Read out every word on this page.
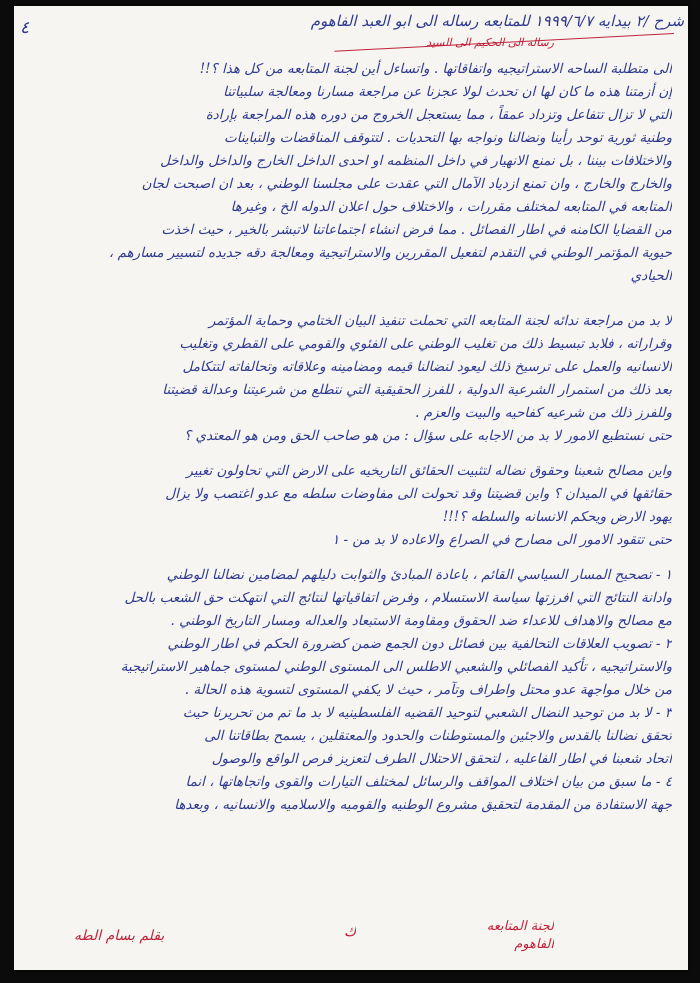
٤	شرح /٢ بيدايه ١٩٩٩/٦/٧ للمتابعه رساله الى ابو العبد الفاهوم
رساله الى الحكيم الى السيد
الى متطلبة الساحه الاستراتيجيه واتفاقاتها . واتساءل أين لجنة المتابعه من كل هذا ؟!!
إن أزمتنا هذه ما كان لها ان تحدث لولا عجزنا عن مراجعة مسارنا ومعالجة سلبياتنا
التي لا تزال تتفاعل وتزداد عمقاً ، مما يستعجل الخروج من دوره هذه المراجعة بإرادة
وطنية ثورية توحد رأينا ونضالنا ونواجه بها التحديات . لتتوقف المناقضات والتباينات
والاختلافات بيننا ، بل نمنع الانهيار في داخل المنظمه او احدى الداخل الخارج والداخل والداخل
والخارج والخارج ، وان تمنع ازدياد الآمال التي عقدت على مجلسنا الوطني ، بعد ان اصبحت لجان
المتابعه في المتابعه لمختلف مقررات ، والاختلاف حول اعلان الدوله الخ ، وغيرها
من القضايا الكامنه في اطار الفصائل . مما فرض انشاء اجتماعاتنا لاتبشر بالخير ، حيث اخذت
حيوية المؤتمر الوطني في التقدم لتفعيل المقررين والاستراتيجية ومعالجة دقه جديده لتسيير مسارهم ،
الحيادي
لا بد من مراجعة ندائه لجنة المتابعه التي تحملت تنفيذ البيان الختامي وحماية المؤتمر
وقراراته ، فلابد تبسيط ذلك من تغليب الوطني على الفئوي والقومي على القطري وتغليب
الانسانيه والعمل على ترسيخ ذلك ليعود لنضالنا قيمه ومضامينه وعلاقاته وتحالفاته لتتكامل
بعد ذلك من استمرار الشرعية الدولية ، للفرز الحقيقية التي نتطلع من شرعيتنا وعدالة قضيتنا
وللفرز ذلك من شرعيه كفاحيه والبيت والعزم .
حتى نستطيع الامور لا بد من الاجابه على سؤال : من هو صاحب الحق ومن هو المعتدي ؟
واين مصالح شعبنا وحقوق نضاله لتثبيت الحقائق التاريخيه على الارض التي تحاولون تغيير
حقائقها في الميدان ؟ واين قضيتنا وقد تحولت الى مفاوضات سلطه مع عدو اغتصب ولا يزال
يهود الارض ويحكم الانسانه والسلطه ؟!!!
حتى تتقود الامور الى مصارح في الصراع والاعاده لا بد من - ١
١ - تصحيح المسار السياسي القائم ، باعادة المبادئ والثوابت دليلهم لمضامين نضالنا الوطني
وادانة النتائج التي افرزتها سياسة الاستسلام ، وفرض اتفاقياتها لنتائج التي انتهكت حق الشعب بالحل
مع مصالح والاهداف للاعداء ضد الحقوق ومقاومة الاستبعاد والعداله ومسار التاريخ الوطني .
٢ - تصويب العلاقات التحالفية بين فصائل دون الجمع ضمن كضرورة الحكم في اطار الوطني
والاستراتيجيه ، تأكيد الفصائلي والشعبي الاطلس الى المستوى الوطني لمستوى جماهير الاستراتيجية
من خلال مواجهة عدو محتل واطراف وتآمر ، حيث لا يكفي المستوى لتسوية هذه الحالة .
٣ - لا بد من توحيد النضال الشعبي لتوحيد القضيه الفلسطينيه لا بد ما تم من تحريرنا حيث
تحقق نضالنا بالقدس والاجئين والمستوطنات والحدود والمعتقلين ، يسمح بطاقاتنا الى
اتحاد شعبنا في اطار الفاعليه ، لتحقق الاحتلال الطرف لتعزيز فرص الواقع والوصول
٤ - ما سبق من بيان اختلاف المواقف والرسائل لمختلف التيارات والقوى واتجاهاتها ، انما
جهة الاستفادة من المقدمة لتحقيق مشروع الوطنيه والقوميه والاسلاميه والانسانيه ، وبعدها
بقلم بسام الطه	ك	لجنة المتابعه
الفاهوم
